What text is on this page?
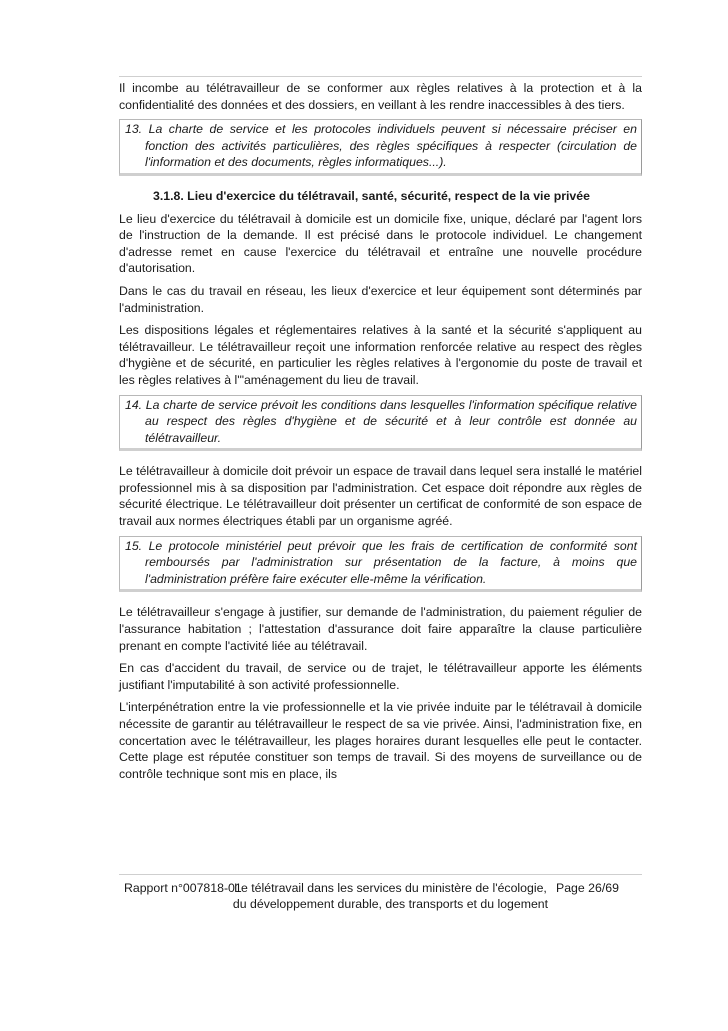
Il incombe au télétravailleur de se conformer aux règles relatives à la protection et à la confidentialité des données et des dossiers, en veillant à les rendre inaccessibles à des tiers.

13. La charte de service et les protocoles individuels peuvent si nécessaire préciser en fonction des activités particulières, des règles spécifiques à respecter (circulation de l'information et des documents, règles informatiques...).
3.1.8. Lieu d'exercice du télétravail, santé, sécurité, respect de la vie privée

Le lieu d'exercice du télétravail à domicile est un domicile fixe, unique, déclaré par l'agent lors de l'instruction de la demande. Il est précisé dans le protocole individuel. Le changement d'adresse remet en cause l'exercice du télétravail et entraîne une nouvelle procédure d'autorisation.

Dans le cas du travail en réseau, les lieux d'exercice et leur équipement sont déterminés par l'administration.

Les dispositions légales et réglementaires relatives à la santé et la sécurité s'appliquent au télétravailleur. Le télétravailleur reçoit une information renforcée relative au respect des règles d'hygiène et de sécurité, en particulier les règles relatives à l'ergonomie du poste de travail et les règles relatives à l'"aménagement du lieu de travail.

14. La charte de service prévoit les conditions dans lesquelles l'information spécifique relative au respect des règles d'hygiène et de sécurité et à leur contrôle est donnée au télétravailleur.

Le télétravailleur à domicile doit prévoir un espace de travail dans lequel sera installé le matériel professionnel mis à sa disposition par l'administration. Cet espace doit répondre aux règles de sécurité électrique. Le télétravailleur doit présenter un certificat de conformité de son espace de travail aux normes électriques établi par un organisme agréé.

15. Le protocole ministériel peut prévoir que les frais de certification de conformité sont remboursés par l'administration sur présentation de la facture, à moins que l'administration préfère faire exécuter elle-même la vérification.

Le télétravailleur s'engage à justifier, sur demande de l'administration, du paiement régulier de l'assurance habitation ; l'attestation d'assurance doit faire apparaître la clause particulière prenant en compte l'activité liée au télétravail.

En cas d'accident du travail, de service ou de trajet, le télétravailleur apporte les éléments justifiant l'imputabilité à son activité professionnelle.

L'interpénétration entre la vie professionnelle et la vie privée induite par le télétravail à domicile nécessite de garantir au télétravailleur le respect de sa vie privée. Ainsi, l'administration fixe, en concertation avec le télétravailleur, les plages horaires durant lesquelles elle peut le contacter. Cette plage est réputée constituer son temps de travail. Si des moyens de surveillance ou de contrôle technique sont mis en place, ils

Rapport n°007818-01
Le télétravail dans les services du ministère de l'écologie, du développement durable, des transports et du logement
Page 26/69
